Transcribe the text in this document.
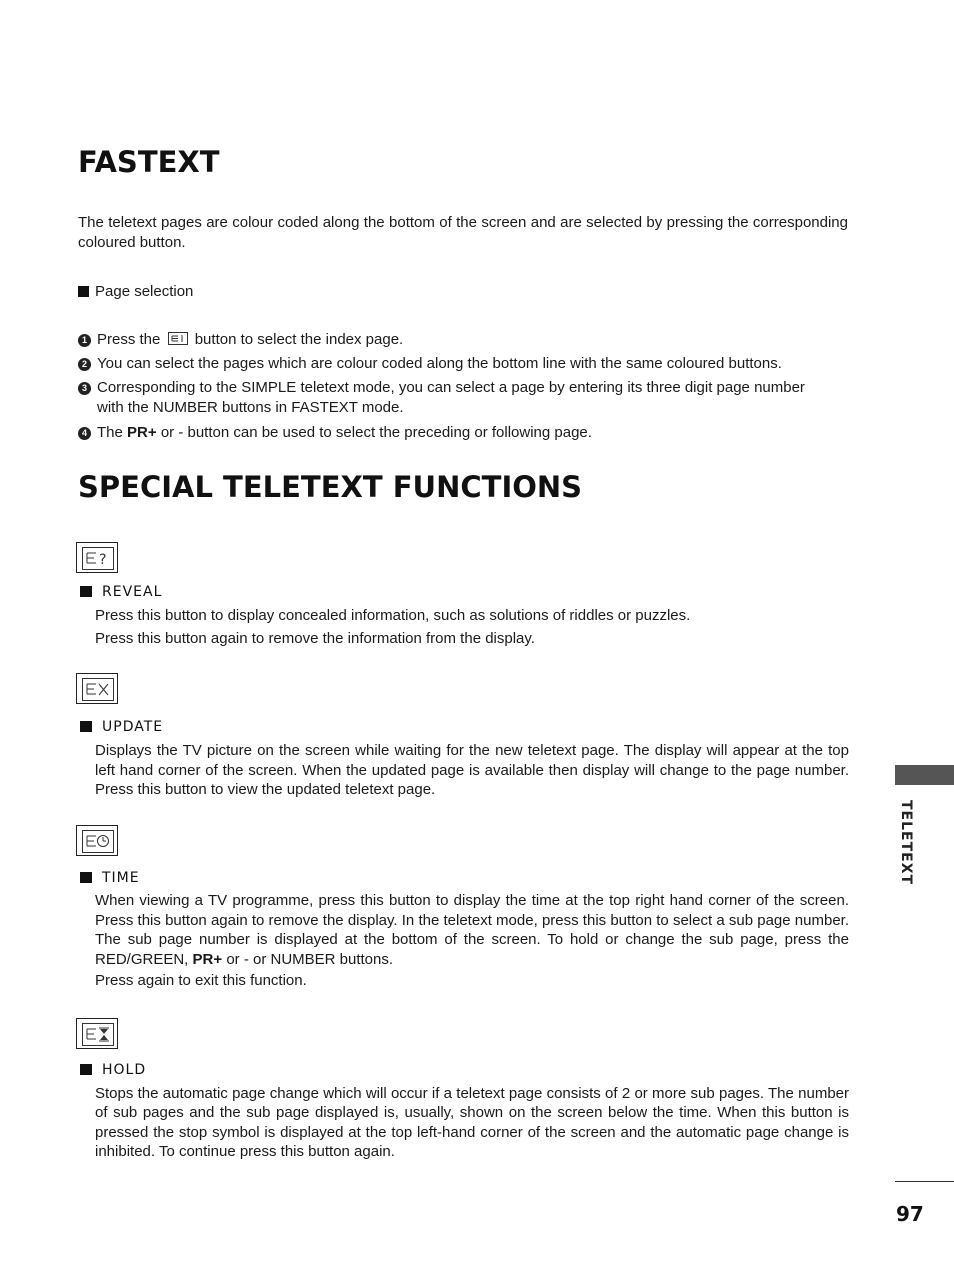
FASTEXT
The teletext pages are colour coded along the bottom of the screen and are selected by pressing the corresponding coloured button.
Page selection
1 Press the button to select the index page.
2 You can select the pages which are colour coded along the bottom line with the same coloured buttons.
3 Corresponding to the SIMPLE teletext mode, you can select a page by entering its three digit page number with the NUMBER buttons in FASTEXT mode.
4 The PR+ or - button can be used to select the preceding or following page.
SPECIAL TELETEXT FUNCTIONS
?
REVEAL
Press this button to display concealed information, such as solutions of riddles or puzzles.
Press this button again to remove the information from the display.
UPDATE
Displays the TV picture on the screen while waiting for the new teletext page. The display will appear at the top left hand corner of the screen. When the updated page is available then display will change to the page number. Press this button to view the updated teletext page.
TIME
When viewing a TV programme, press this button to display the time at the top right hand corner of the screen. Press this button again to remove the display. In the teletext mode, press this button to select a sub page number. The sub page number is displayed at the bottom of the screen. To hold or change the sub page, press the RED/GREEN, PR+ or - or NUMBER buttons.
Press again to exit this function.
HOLD
Stops the automatic page change which will occur if a teletext page consists of 2 or more sub pages. The number of sub pages and the sub page displayed is, usually, shown on the screen below the time. When this button is pressed the stop symbol is displayed at the top left-hand corner of the screen and the automatic page change is inhibited. To continue press this button again.
TELETEXT
97
